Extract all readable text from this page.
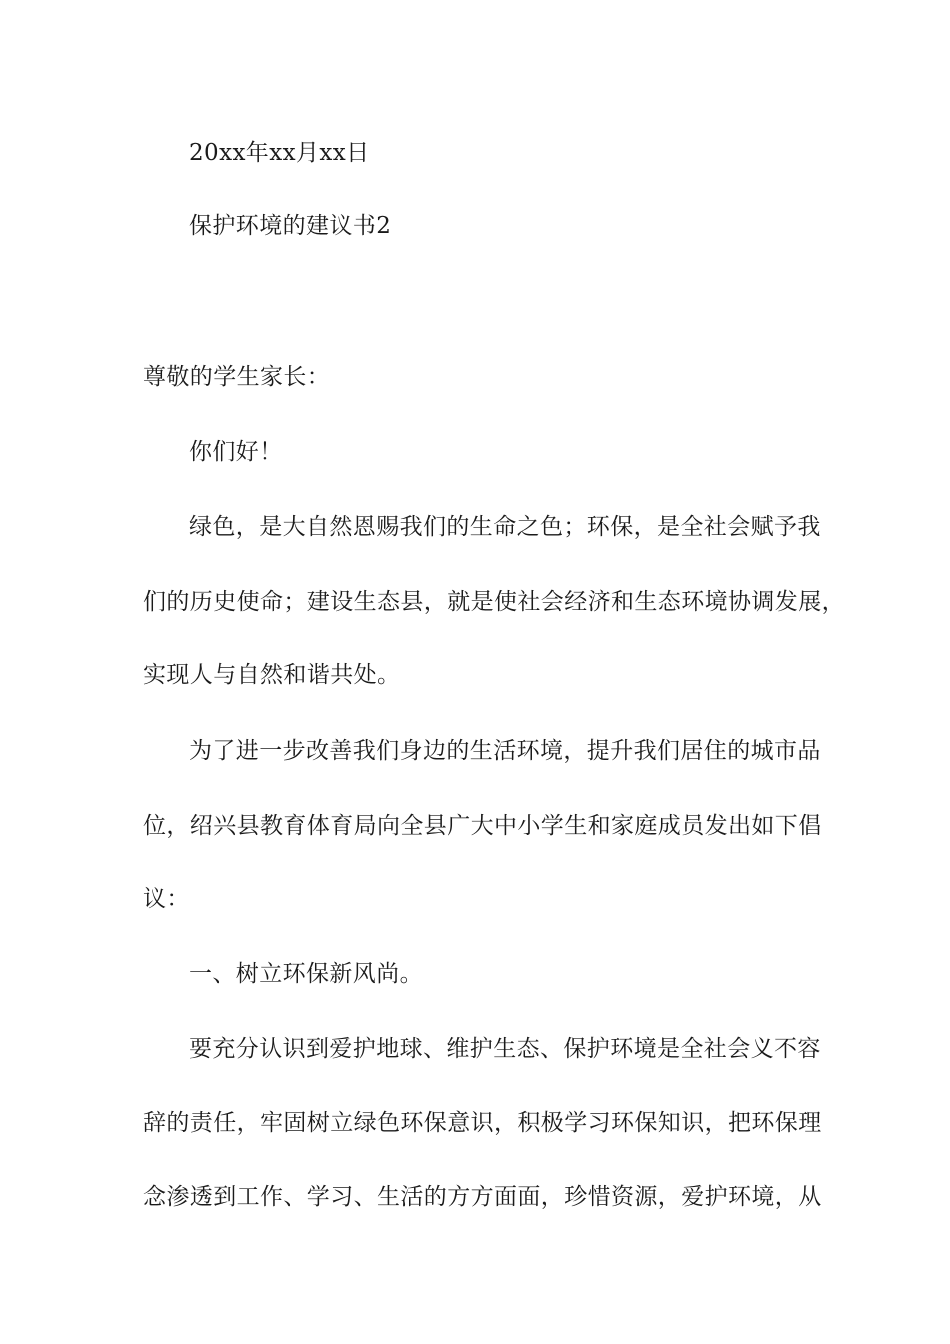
20xx年xx月xx日
保护环境的建议书2
尊敬的学生家长：
你们好！
绿色，是大自然恩赐我们的生命之色；环保，是全社会赋予我
们的历史使命；建设生态县，就是使社会经济和生态环境协调发展，
实现人与自然和谐共处。
为了进一步改善我们身边的生活环境，提升我们居住的城市品
位，绍兴县教育体育局向全县广大中小学生和家庭成员发出如下倡
议：
一、树立环保新风尚。
要充分认识到爱护地球、维护生态、保护环境是全社会义不容
辞的责任，牢固树立绿色环保意识，积极学习环保知识，把环保理
念渗透到工作、学习、生活的方方面面，珍惜资源，爱护环境，从
